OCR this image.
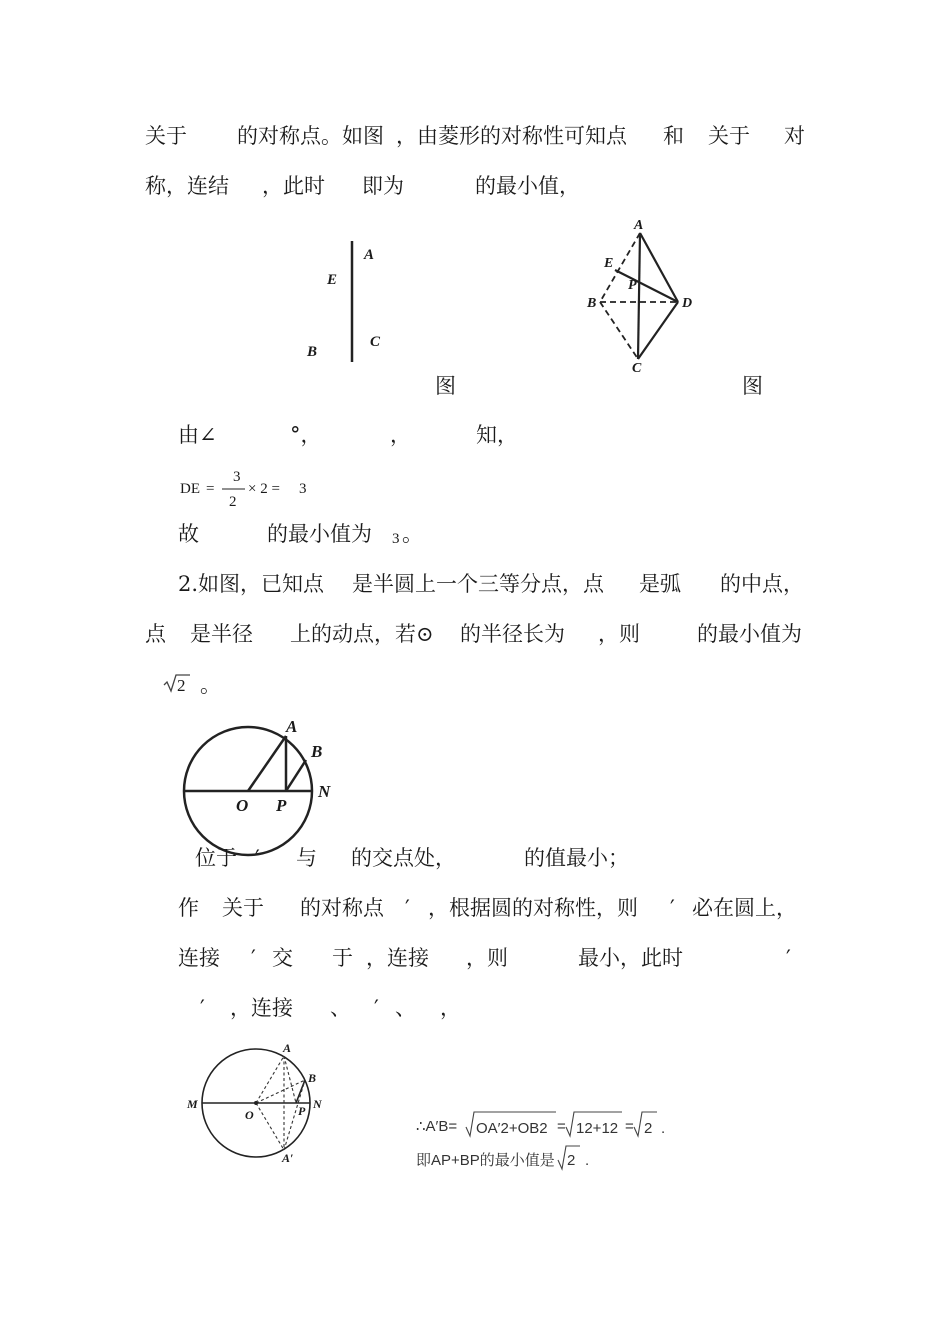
关于 的对称点。如图 ，由菱形的对称性可知点 和 关于 对
称，连结 ，此时 即为	的最小值，
A
E
B
C
A
E
P
B	D
C
图	图
由∠	°，	，	知，
DE =
3
2
× 2 = 3
故	的最小值为 3 。
2.如图，已知点 是半圆上一个三等分点，点 是弧 的中点，
点 是半径 上的动点，若⊙ 的半径长为 ，则	的最小值为
2 。
A
B
O P
N
位于 ′ 与 的交点处，	的值最小；
作 关于 的对称点 ′ ，根据圆的对称性，则 ′ 必在圆上，
连接 ′ 交 于 ，连接 ，则	最小，此时	′
′ ，连接 、 ′ 、 ，
A
B
M
O	P N
A′
∴A′B= OA′2+OB2 = 12+12 = 2 .
即AP+BP的最小值是 2 .
